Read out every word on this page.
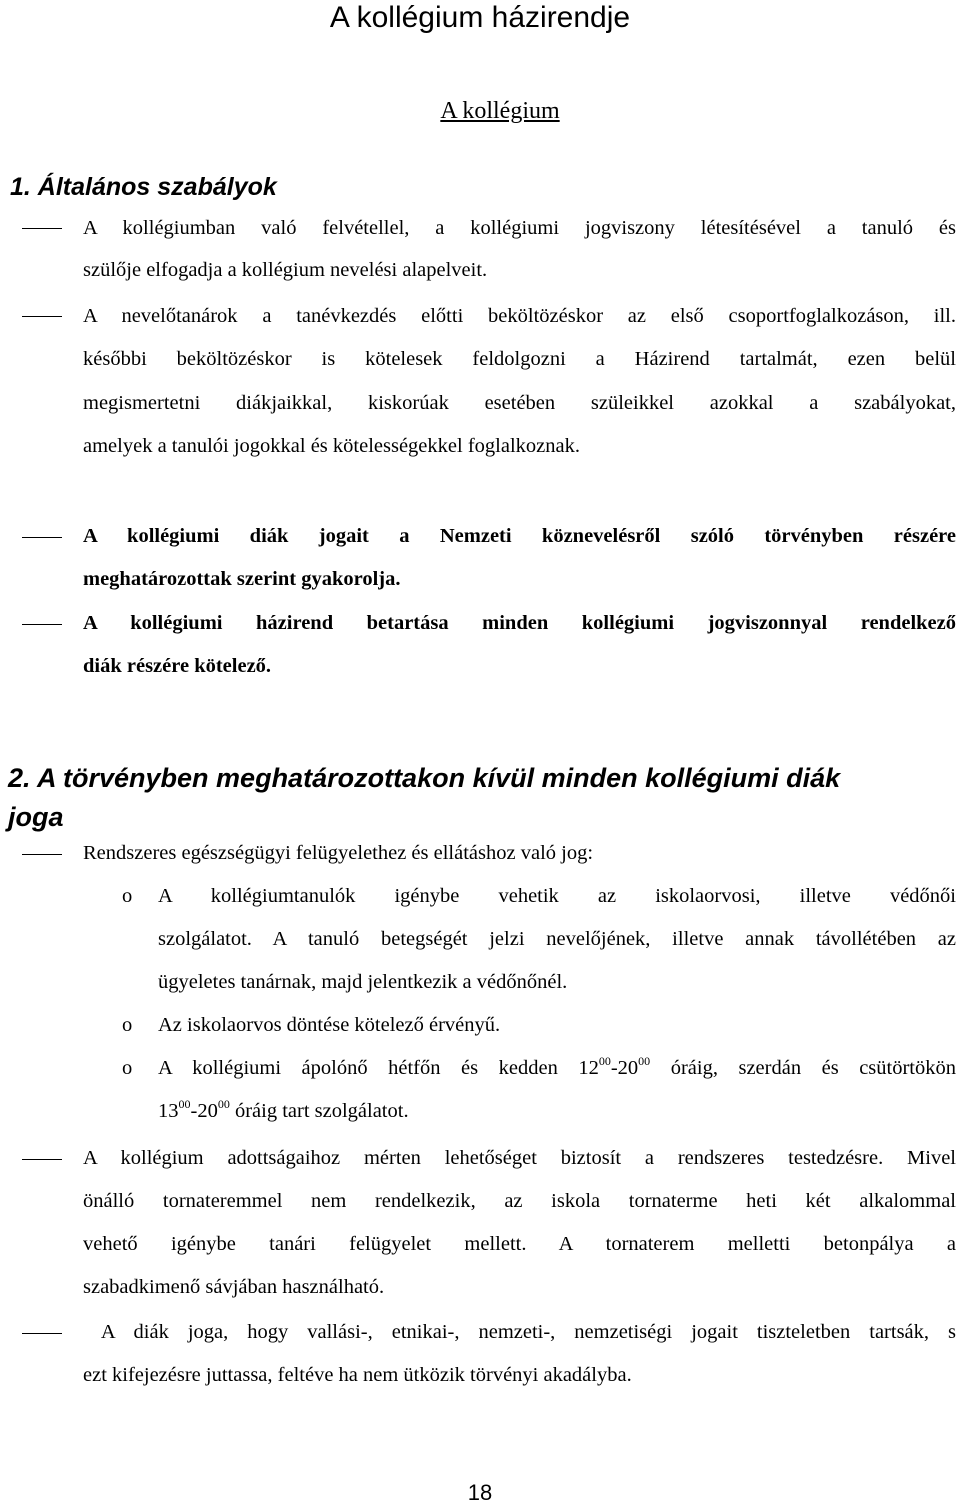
A kollégium házirendje
A kollégium
1. Általános szabályok
A kollégiumban való felvétellel, a kollégiumi jogviszony létesítésével a tanuló és
szülője elfogadja a kollégium nevelési alapelveit.
A nevelőtanárok a tanévkezdés előtti beköltözéskor az első csoportfoglalkozáson, ill.
későbbi beköltözéskor is kötelesek feldolgozni a Házirend tartalmát, ezen belül
megismertetni diákjaikkal, kiskorúak esetében szüleikkel azokkal a szabályokat,
amelyek a tanulói jogokkal és kötelességekkel foglalkoznak.
A kollégiumi diák jogait a Nemzeti köznevelésről szóló törvényben részére
meghatározottak szerint gyakorolja.
A kollégiumi házirend betartása minden kollégiumi jogviszonnyal rendelkező
diák részére kötelező.
2. A törvényben meghatározottakon kívül minden kollégiumi diák
joga
Rendszeres egészségügyi felügyelethez és ellátáshoz való jog:
o A kollégiumtanulók igénybe vehetik az iskolaorvosi, illetve védőnői
szolgálatot. A tanuló betegségét jelzi nevelőjének, illetve annak távollétében az
ügyeletes tanárnak, majd jelentkezik a védőnőnél.
o Az iskolaorvos döntése kötelező érvényű.
o A kollégiumi ápolónő hétfőn és kedden $12^{00}-20^{00}$ óráig, szerdán és csütörtökön
$13^{00}-20^{00}$ óráig tart szolgálatot.
A kollégium adottságaihoz mérten lehetőséget biztosít a rendszeres testedzésre. Mivel
önálló tornateremmel nem rendelkezik, az iskola tornaterme heti két alkalommal
vehető igénybe tanári felügyelet mellett. A tornaterem melletti betonpálya a
szabadkimenő sávjában használható.
A diák joga, hogy vallási-, etnikai-, nemzeti-, nemzetiségi jogait tiszteletben tartsák, s
ezt kifejezésre juttassa, feltéve ha nem ütközik törvényi akadályba.
18
